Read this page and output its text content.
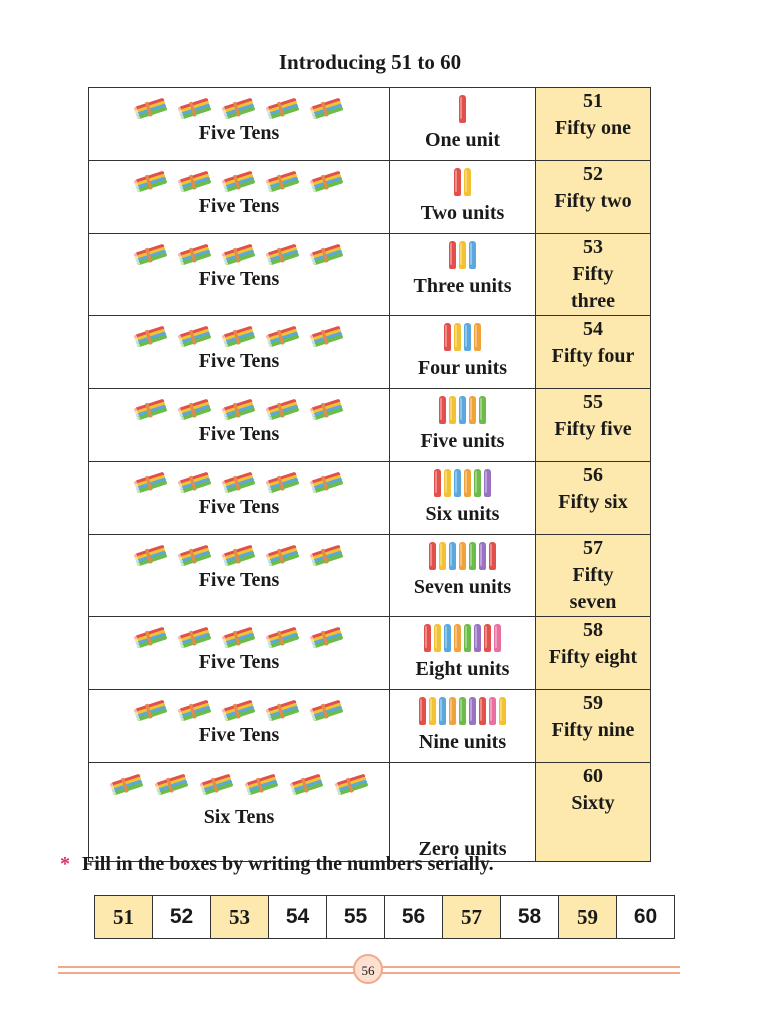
Introducing 51 to 60
Five Tens	One unit	51
Fifty one

Five Tens	Two units	52
Fifty two

Five Tens	Three units	53
Fifty
three

Five Tens	Four units	54
Fifty four

Five Tens	Five units	55
Fifty five

Five Tens	Six units	56
Fifty six

Five Tens	Seven units	57
Fifty
seven

Five Tens	Eight units	58
Fifty eight

Five Tens	Nine units	59
Fifty nine

Six Tens	Zero units	60
Sixty
* Fill in the boxes by writing the numbers serially.
51	52	53	54	55	56	57	58	59	60
56
